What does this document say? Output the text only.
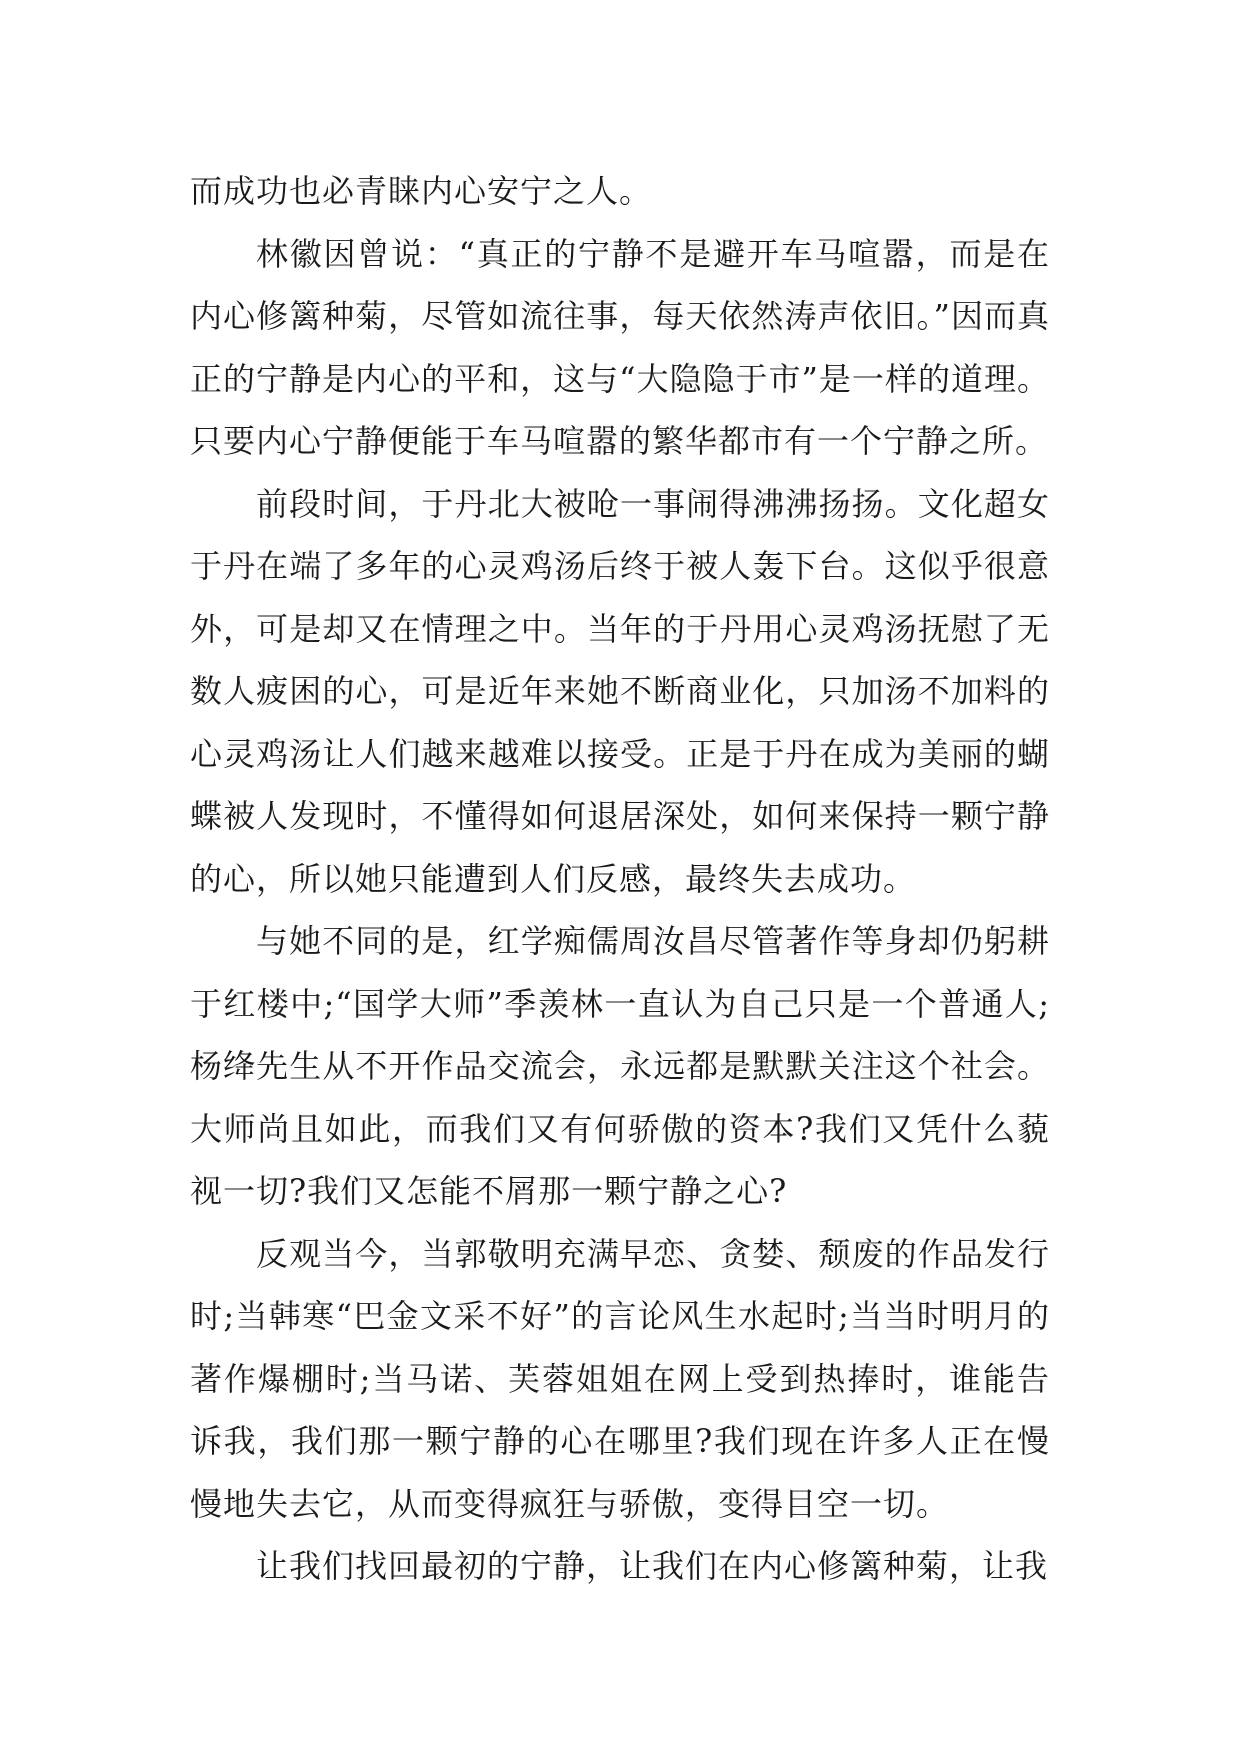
而成功也必青睐内心安宁之人。

林徽因曾说：“真正的宁静不是避开车马喧嚣，而是在内心修篱种菊，尽管如流往事，每天依然涛声依旧。”因而真正的宁静是内心的平和，这与“大隐隐于市”是一样的道理。只要内心宁静便能于车马喧嚣的繁华都市有一个宁静之所。

前段时间，于丹北大被呛一事闹得沸沸扬扬。文化超女于丹在端了多年的心灵鸡汤后终于被人轰下台。这似乎很意外，可是却又在情理之中。当年的于丹用心灵鸡汤抚慰了无数人疲困的心，可是近年来她不断商业化，只加汤不加料的心灵鸡汤让人们越来越难以接受。正是于丹在成为美丽的蝴蝶被人发现时，不懂得如何退居深处，如何来保持一颗宁静的心，所以她只能遭到人们反感，最终失去成功。

与她不同的是，红学痴儒周汝昌尽管著作等身却仍躬耕于红楼中;“国学大师”季羡林一直认为自己只是一个普通人;杨绛先生从不开作品交流会，永远都是默默关注这个社会。大师尚且如此，而我们又有何骄傲的资本?我们又凭什么藐视一切?我们又怎能不屑那一颗宁静之心?

反观当今，当郭敬明充满早恋、贪婪、颓废的作品发行时;当韩寒“巴金文采不好”的言论风生水起时;当当时明月的著作爆棚时;当马诺、芙蓉姐姐在网上受到热捧时，谁能告诉我，我们那一颗宁静的心在哪里?我们现在许多人正在慢慢地失去它，从而变得疯狂与骄傲，变得目空一切。

让我们找回最初的宁静，让我们在内心修篱种菊，让我
